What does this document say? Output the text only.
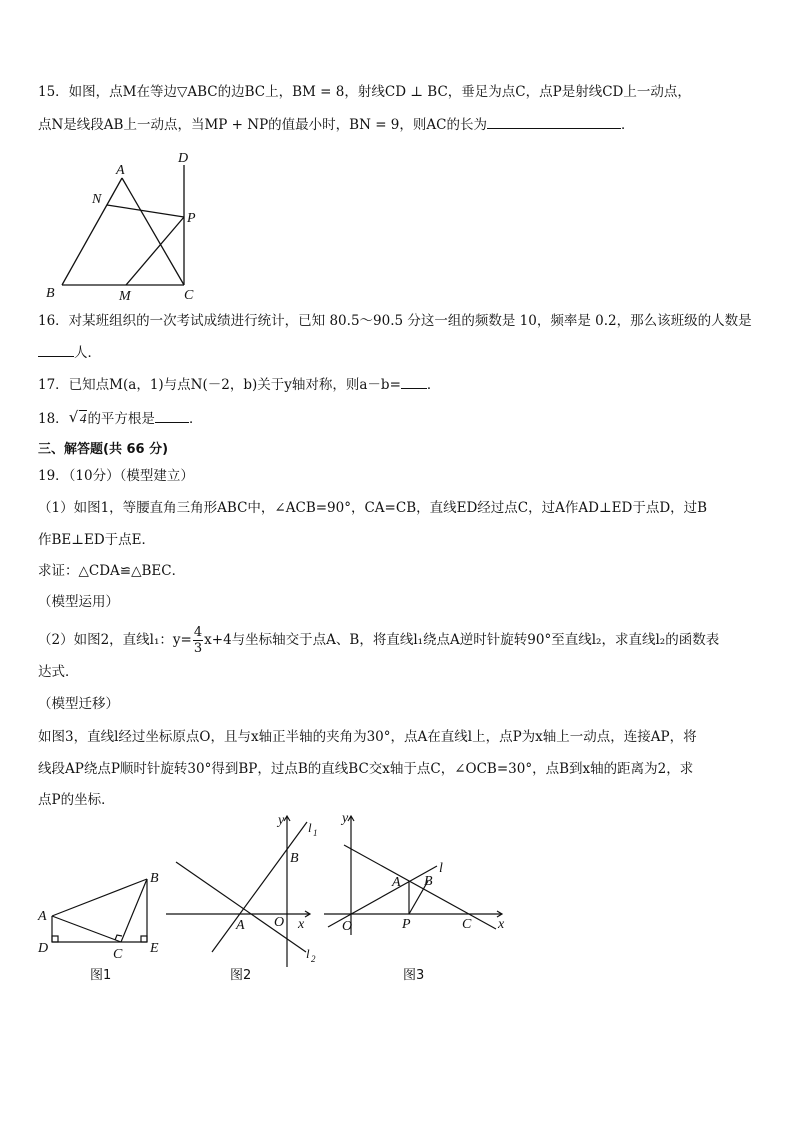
15．如图，点M在等边▽ABC的边BC上，BM = 8，射线CD ⊥ BC，垂足为点C，点P是射线CD上一动点，
点N是线段AB上一动点，当MP + NP的值最小时，BN = 9，则AC的长为	．
A
B	C
D
M
N
P
16．对某班组织的一次考试成绩进行统计，已知 80.5～90.5 分这一组的频数是 10，频率是 0.2，那么该班级的人数是
人．
17．已知点M(a，1)与点N(－2，b)关于y轴对称，则a－b= ．
18． √ 4的平方根是	．
三、解答题(共 66 分)
19．（10分）（模型建立）
（1）如图1，等腰直角三角形ABC中，∠ACB=90°，CA=CB，直线ED经过点C，过A作AD⊥ED于点D，过B
作BE⊥ED于点E．
求证：△CDA≌△BEC．
（模型运用）
（2）如图2，直线l₁：$y= \frac{4}{3} x+4$与坐标轴交于点A、B，将直线l₁绕点A逆时针旋转90°至直线l₂，求直线l₂的函数表
达式．
（模型迁移）
如图3，直线l经过坐标原点O，且与x轴正半轴的夹角为30°，点A在直线l上，点P为x轴上一动点，连接AP，将
线段AP绕点P顺时针旋转30°得到BP，过点B的直线BC交x轴于点C，∠OCB=30°，点B到x轴的距离为2，求
点P的坐标．
A
B
C
D	E
图1
y
x
O
A
B
l 1
l 2
图2
y
x
O
A B
P	C
l
图3
